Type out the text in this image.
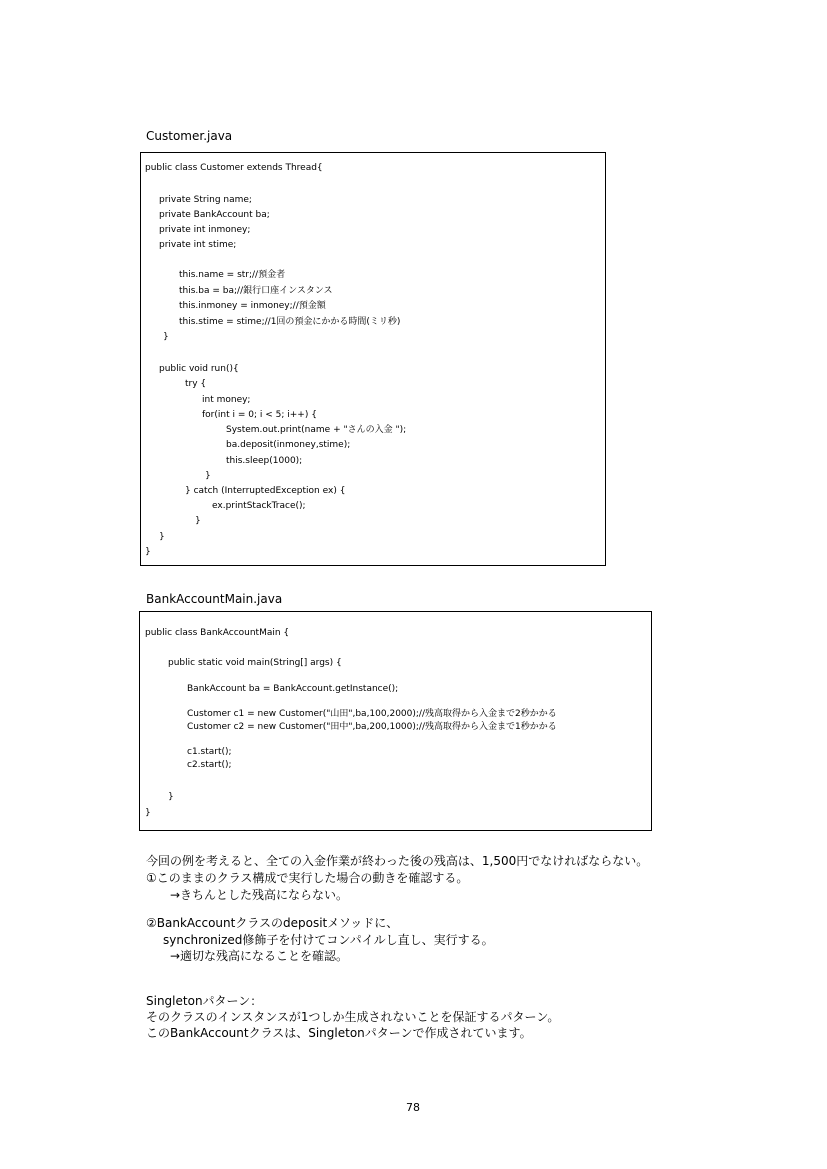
Customer.java
public class Customer extends Thread{
private String name;
private BankAccount ba;
private int inmoney;
private int stime;
this.name = str;//預金者
this.ba = ba;//銀行口座インスタンス
this.inmoney = inmoney;//預金額
this.stime = stime;//1回の預金にかかる時間(ミリ秒)
}
public void run(){
try {
int money;
for(int i = 0; i < 5; i++) {
System.out.print(name + "さんの入金 ");
ba.deposit(inmoney,stime);
this.sleep(1000);
}
} catch (InterruptedException ex) {
ex.printStackTrace();
}
}
}
BankAccountMain.java
public class BankAccountMain {
public static void main(String[] args) {
BankAccount ba = BankAccount.getInstance();
Customer c1 = new Customer("山田",ba,100,2000);//残高取得から入金まで2秒かかる
Customer c2 = new Customer("田中",ba,200,1000);//残高取得から入金まで1秒かかる
c1.start();
c2.start();
}
}
今回の例を考えると、全ての入金作業が終わった後の残高は、1,500円でなければならない。
①このままのクラス構成で実行した場合の動きを確認する。
→きちんとした残高にならない。
②BankAccountクラスのdepositメソッドに、
synchronized修飾子を付けてコンパイルし直し、実行する。
→適切な残高になることを確認。
Singletonパターン：
そのクラスのインスタンスが1つしか生成されないことを保証するパターン。
このBankAccountクラスは、Singletonパターンで作成されています。
78
